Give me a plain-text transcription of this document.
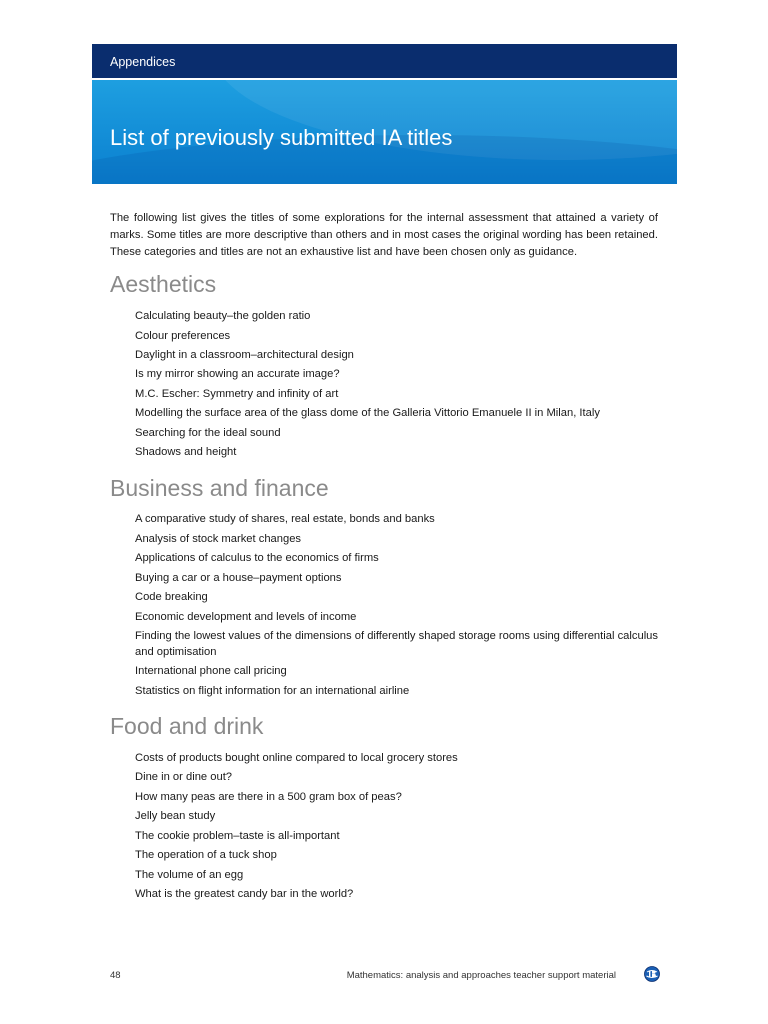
Appendices
List of previously submitted IA titles

The following list gives the titles of some explorations for the internal assessment that attained a variety of marks. Some titles are more descriptive than others and in most cases the original wording has been retained. These categories and titles are not an exhaustive list and have been chosen only as guidance.

Aesthetics
Calculating beauty–the golden ratio
Colour preferences
Daylight in a classroom–architectural design
Is my mirror showing an accurate image?
M.C. Escher: Symmetry and infinity of art
Modelling the surface area of the glass dome of the Galleria Vittorio Emanuele II in Milan, Italy
Searching for the ideal sound
Shadows and height
Business and finance
A comparative study of shares, real estate, bonds and banks
Analysis of stock market changes
Applications of calculus to the economics of firms
Buying a car or a house–payment options
Code breaking
Economic development and levels of income
Finding the lowest values of the dimensions of differently shaped storage rooms using differential calculus and optimisation
International phone call pricing
Statistics on flight information for an international airline
Food and drink
Costs of products bought online compared to local grocery stores
Dine in or dine out?
How many peas are there in a 500 gram box of peas?
Jelly bean study
The cookie problem–taste is all-important
The operation of a tuck shop
The volume of an egg
What is the greatest candy bar in the world?
48	Mathematics: analysis and approaches teacher support material
